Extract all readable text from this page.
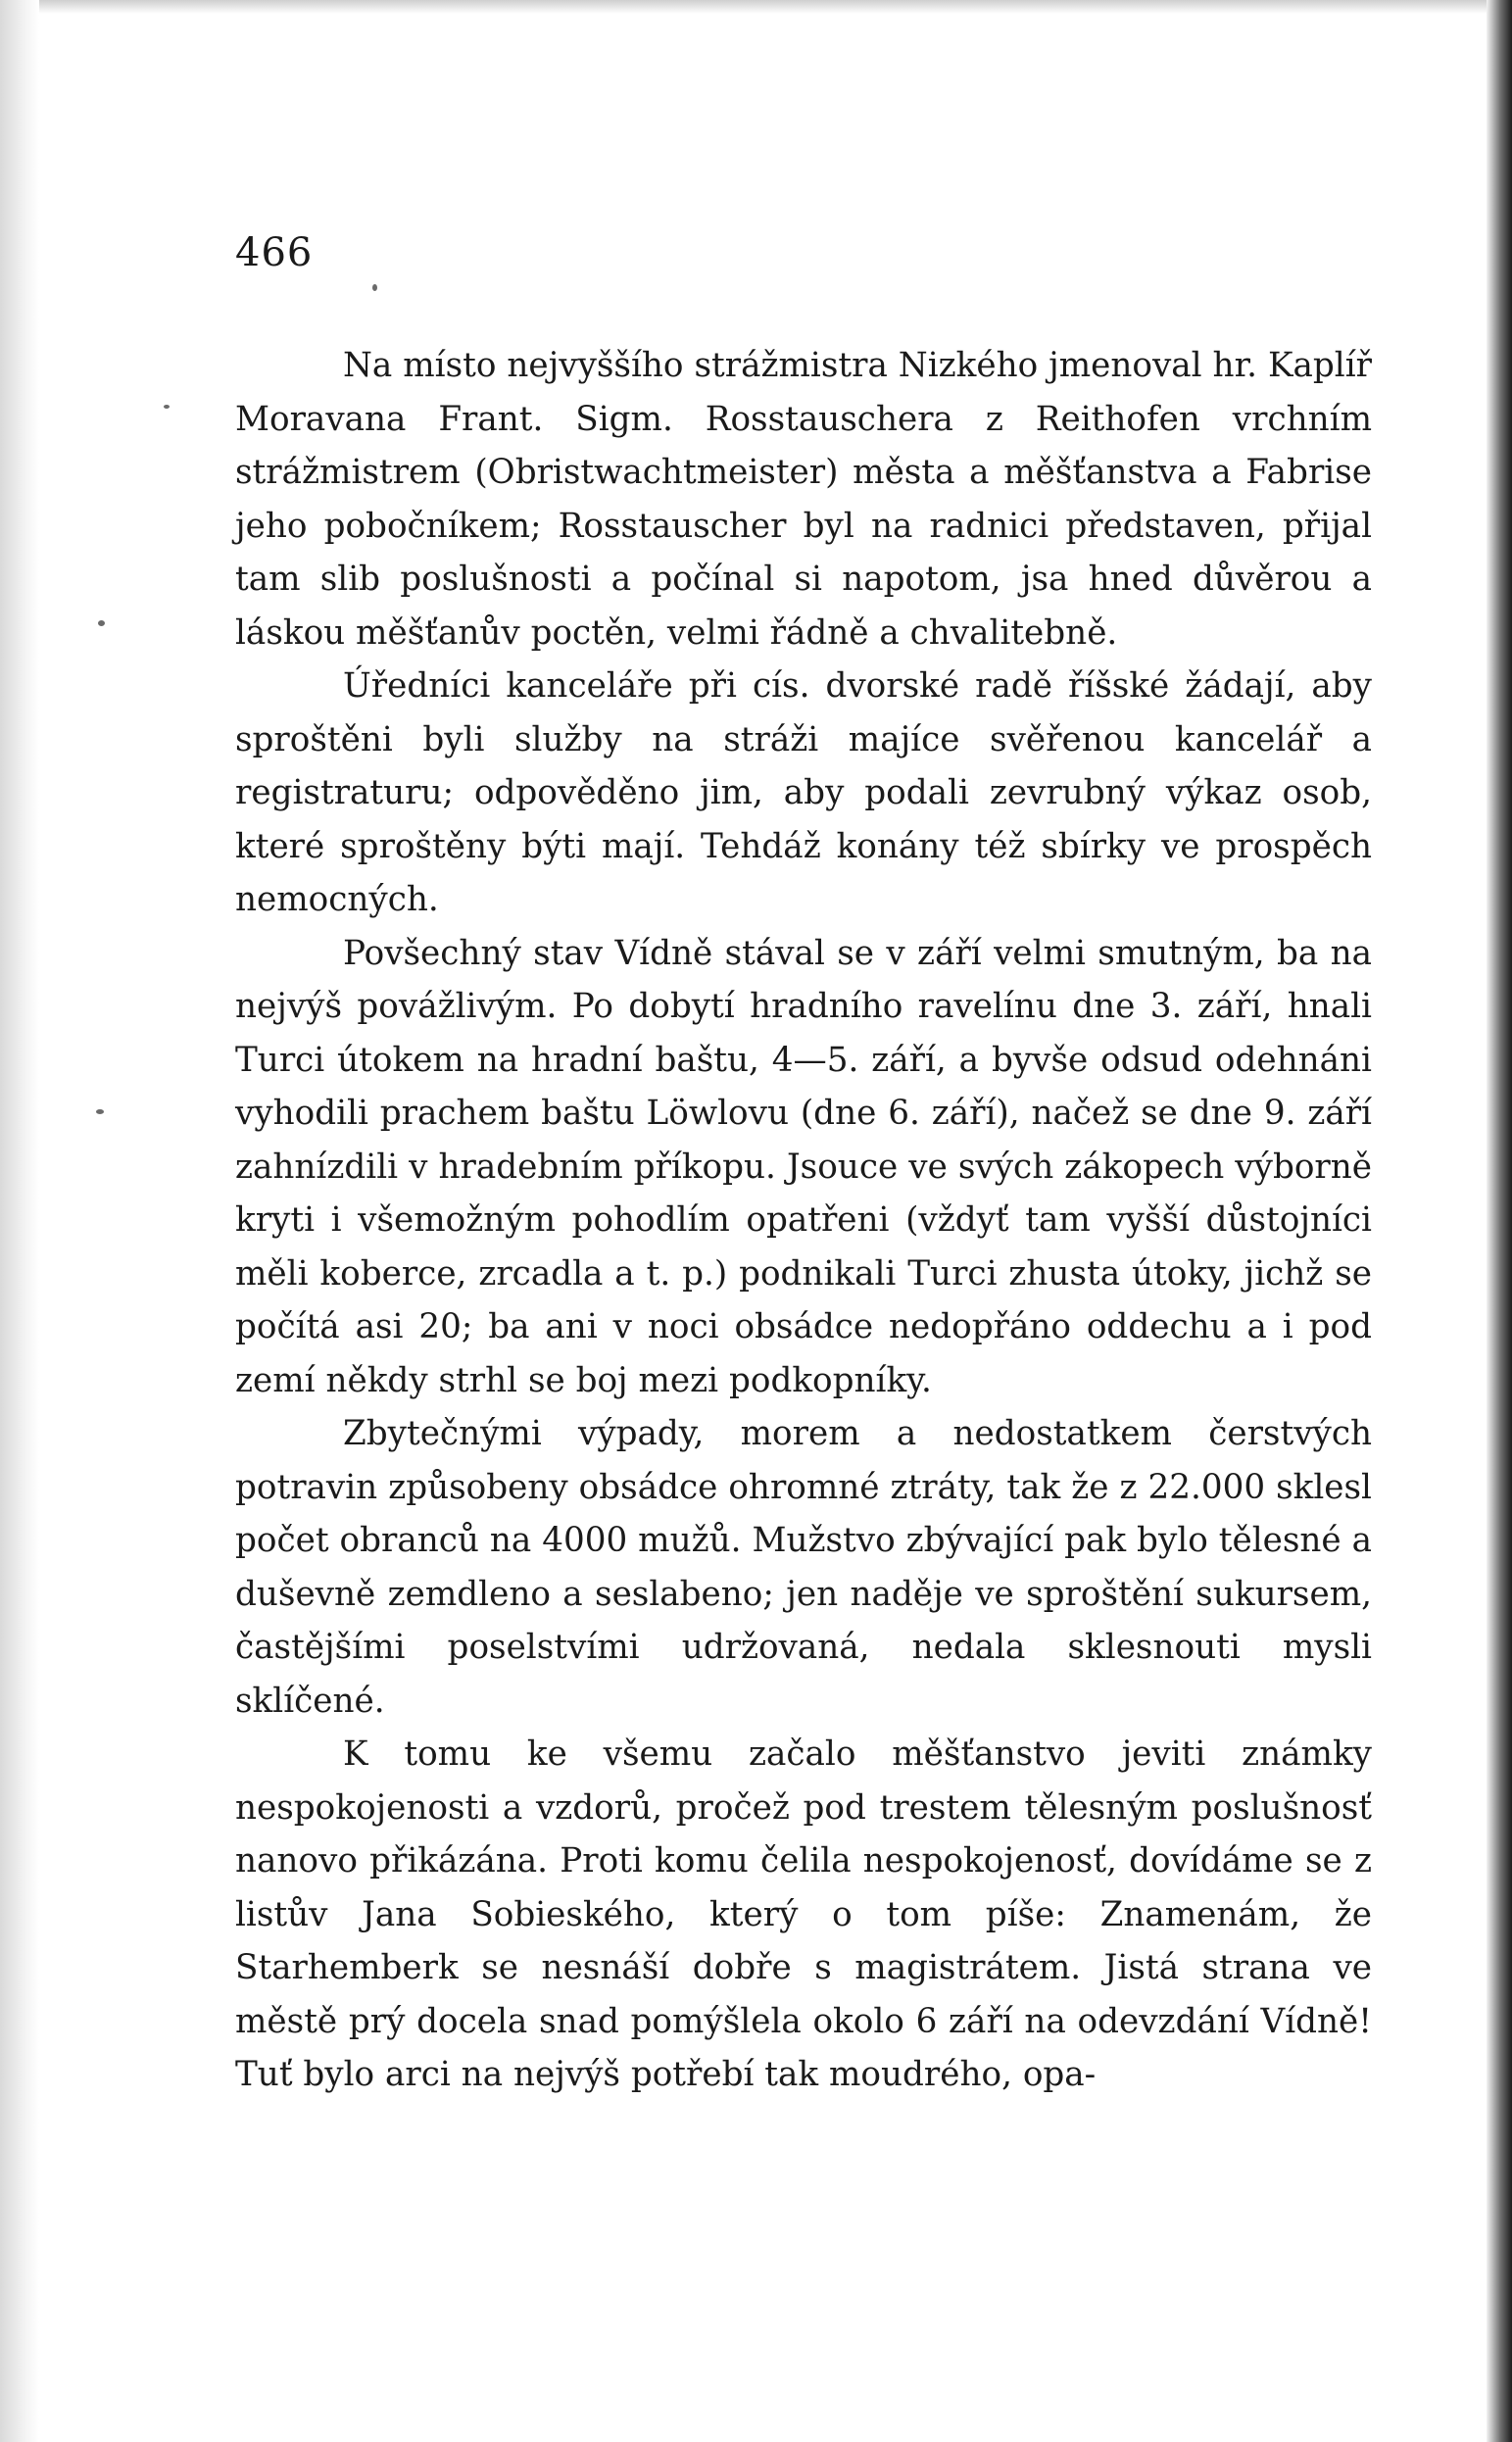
466

Na místo nejvyššího strážmistra Nizkého jmenoval hr. Kaplíř Moravana Frant. Sigm. Rosstauschera z Reithofen vrchním strážmistrem (Obristwachtmeister) města a měšťanstva a Fabrise jeho pobočníkem; Rosstauscher byl na radnici představen, přijal tam slib poslušnosti a počínal si napotom, jsa hned důvěrou a láskou měšťanův poctěn, velmi řádně a chvalitebně.

Úředníci kanceláře při cís. dvorské radě říšské žádají, aby sproštěni byli služby na stráži majíce svěřenou kancelář a registraturu; odpověděno jim, aby podali zevrubný výkaz osob, které sproštěny býti mají. Tehdáž konány též sbírky ve prospěch nemocných.

Povšechný stav Vídně stával se v září velmi smutným, ba na nejvýš povážlivým. Po dobytí hradního ravelínu dne 3. září, hnali Turci útokem na hradní baštu, 4—5. září, a byvše odsud odehnáni vyhodili prachem baštu Löwlovu (dne 6. září), načež se dne 9. září zahnízdili v hradebním příkopu. Jsouce ve svých zákopech výborně kryti i všemožným pohodlím opatřeni (vždyť tam vyšší důstojníci měli koberce, zrcadla a t. p.) podnikali Turci zhusta útoky, jichž se počítá asi 20; ba ani v noci obsádce nedopřáno oddechu a i pod zemí někdy strhl se boj mezi podkopníky.

Zbytečnými výpady, morem a nedostatkem čerstvých potravin způsobeny obsádce ohromné ztráty, tak že z 22.000 sklesl počet obranců na 4000 mužů. Mužstvo zbývající pak bylo tělesné a duševně zemdleno a seslabeno; jen naděje ve sproštění sukursem, častějšími poselstvími udržovaná, nedala sklesnouti mysli sklíčené.

K tomu ke všemu začalo měšťanstvo jeviti známky nespokojenosti a vzdorů, pročež pod trestem tělesným poslušnosť nanovo přikázána. Proti komu čelila nespokojenosť, dovídáme se z listův Jana Sobieského, který o tom píše: Znamenám, že Starhemberk se nesnáší dobře s magistrátem. Jistá strana ve městě prý docela snad pomýšlela okolo 6 září na odevzdání Vídně! Tuť bylo arci na nejvýš potřebí tak moudrého, opa-
